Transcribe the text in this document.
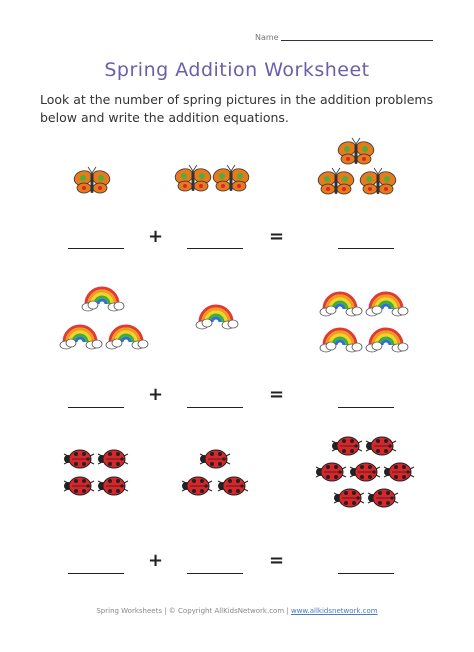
Name
Spring Addition Worksheet
Look at the number of spring pictures in the addition problems below and write the addition equations.
+	=
+	=
+	=
Spring Worksheets | © Copyright AllKidsNetwork.com | www.allkidsnetwork.com
